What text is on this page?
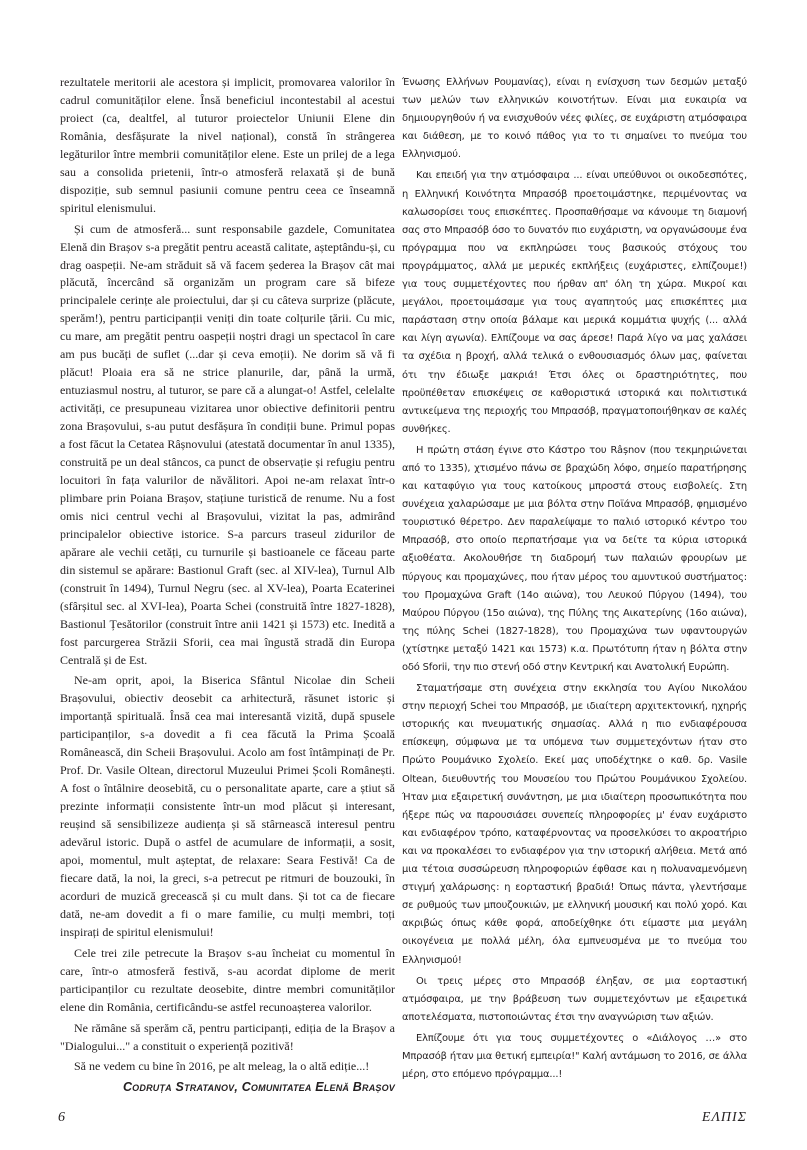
rezultatele meritorii ale acestora și implicit, promovarea valorilor în cadrul comunităților elene. Însă beneficiul incontestabil al acestui proiect (ca, dealtfel, al tuturor proiectelor Uniunii Elene din România, desfășurate la nivel național), constă în strângerea legăturilor între membrii comunităților elene. Este un prilej de a lega sau a consolida prietenii, într-o atmosferă relaxată și de bună dispoziție, sub semnul pasiunii comune pentru ceea ce înseamnă spiritul elenismului.

Și cum de atmosferă... sunt responsabile gazdele, Comunitatea Elenă din Brașov s-a pregătit pentru această calitate, așteptându-și, cu drag oaspeții. Ne-am străduit să vă facem șederea la Brașov cât mai plăcută, încercând să organizăm un program care să bifeze principalele cerințe ale proiectului, dar și cu câteva surprize (plăcute, sperăm!), pentru participanții veniți din toate colțurile țării. Cu mic, cu mare, am pregătit pentru oaspeții noștri dragi un spectacol în care am pus bucăți de suflet (...dar și ceva emoții). Ne dorim să vă fi plăcut! Ploaia era să ne strice planurile, dar, până la urmă, entuziasmul nostru, al tuturor, se pare că a alungat-o! Astfel, celelalte activități, ce presupuneau vizitarea unor obiective definitorii pentru zona Brașovului, s-au putut desfășura în condiții bune. Primul popas a fost făcut la Cetatea Râșnovului (atestată documentar în anul 1335), construită pe un deal stâncos, ca punct de observație și refugiu pentru locuitori în fața valurilor de năvălitori. Apoi ne-am relaxat într-o plimbare prin Poiana Brașov, stațiune turistică de renume. Nu a fost omis nici centrul vechi al Brașovului, vizitat la pas, admirând principalelor obiective istorice. S-a parcurs traseul zidurilor de apărare ale vechii cetăți, cu turnurile și bastioanele ce făceau parte din sistemul se apărare: Bastionul Graft (sec. al XIV-lea), Turnul Alb (construit în 1494), Turnul Negru (sec. al XV-lea), Poarta Ecaterinei (sfârșitul sec. al XVI-lea), Poarta Schei (construită între 1827-1828), Bastionul Țesătorilor (construit între anii 1421 și 1573) etc. Inedită a fost parcurgerea Străzii Sforii, cea mai îngustă stradă din Europa Centrală și de Est.

Ne-am oprit, apoi, la Biserica Sfântul Nicolae din Scheii Brașovului, obiectiv deosebit ca arhitectură, răsunet istoric și importanță spirituală. Însă cea mai interesantă vizită, după spusele participanților, s-a dovedit a fi cea făcută la Prima Școală Românească, din Scheii Brașovului. Acolo am fost întâmpinați de Pr. Prof. Dr. Vasile Oltean, directorul Muzeului Primei Școli Românești. A fost o întâlnire deosebită, cu o personalitate aparte, care a știut să prezinte informații consistente într-un mod plăcut și interesant, reușind să sensibilizeze audiența și să stârnească interesul pentru adevărul istoric. După o astfel de acumulare de informații, a sosit, apoi, momentul, mult așteptat, de relaxare: Seara Festivă! Ca de fiecare dată, la noi, la greci, s-a petrecut pe ritmuri de bouzouki, în acorduri de muzică grecească și cu mult dans. Și tot ca de fiecare dată, ne-am dovedit a fi o mare familie, cu mulți membri, toți inspirați de spiritul elenismului!

Cele trei zile petrecute la Brașov s-au încheiat cu momentul în care, într-o atmosferă festivă, s-au acordat diplome de merit participanților cu rezultate deosebite, dintre membri comunităților elene din România, certificându-se astfel recunoașterea valorilor.

Ne rămâne să sperăm că, pentru participanți, ediția de la Brașov a "Dialogului..." a constituit o experiență pozitivă!

Să ne vedem cu bine în 2016, pe alt meleag, la o altă ediție...!

Codruța Stratanov, Comunitatea Elenă Brașov

Ένωσης Ελλήνων Ρουμανίας), είναι η ενίσχυση των δεσμών μεταξύ των μελών των ελληνικών κοινοτήτων. Είναι μια ευκαιρία να δημιουργηθούν ή να ενισχυθούν νέες φιλίες, σε ευχάριστη ατμόσφαιρα και διάθεση, με το κοινό πάθος για το τι σημαίνει το πνεύμα του Ελληνισμού.

Και επειδή για την ατμόσφαιρα ... είναι υπεύθυνοι οι οικοδεσπότες, η Ελληνική Κοινότητα Μπρασόβ προετοιμάστηκε, περιμένοντας να καλωσορίσει τους επισκέπτες. Προσπαθήσαμε να κάνουμε τη διαμονή σας στο Μπρασόβ όσο το δυνατόν πιο ευχάριστη, να οργανώσουμε ένα πρόγραμμα που να εκπληρώσει τους βασικούς στόχους του προγράμματος, αλλά με μερικές εκπλήξεις (ευχάριστες, ελπίζουμε!) για τους συμμετέχοντες που ήρθαν απ' όλη τη χώρα. Μικροί και μεγάλοι, προετοιμάσαμε για τους αγαπητούς μας επισκέπτες μια παράσταση στην οποία βάλαμε και μερικά κομμάτια ψυχής (... αλλά και λίγη αγωνία). Ελπίζουμε να σας άρεσε! Παρά λίγο να μας χαλάσει τα σχέδια η βροχή, αλλά τελικά ο ενθουσιασμός όλων μας, φαίνεται ότι την έδιωξε μακριά! Έτσι όλες οι δραστηριότητες, που προϋπέθεταν επισκέψεις σε καθοριστικά ιστορικά και πολιτιστικά αντικείμενα της περιοχής του Μπρασόβ, πραγματοποιήθηκαν σε καλές συνθήκες.

Η πρώτη στάση έγινε στο Κάστρο του Râșnov (που τεκμηριώνεται από το 1335), χτισμένο πάνω σε βραχώδη λόφο, σημείο παρατήρησης και καταφύγιο για τους κατοίκους μπροστά στους εισβολείς. Στη συνέχεια χαλαρώσαμε με μια βόλτα στην Ποϊάνα Μπρασόβ, φημισμένο τουριστικό θέρετρο. Δεν παραλείψαμε το παλιό ιστορικό κέντρο του Μπρασόβ, στο οποίο περπατήσαμε για να δείτε τα κύρια ιστορικά αξιοθέατα. Ακολουθήσε τη διαδρομή των παλαιών φρουρίων με πύργους και προμαχώνες, που ήταν μέρος του αμυντικού συστήματος: του Προμαχώνα Graft (14ο αιώνα), του Λευκού Πύργου (1494), του Μαύρου Πύργου (15ο αιώνα), της Πύλης της Αικατερίνης (16ο αιώνα), της πύλης Schei (1827-1828), του Προμαχώνα των υφαντουργών (χτίστηκε μεταξύ 1421 και 1573) κ.α. Πρωτότυπη ήταν η βόλτα στην οδό Sforii, την πιο στενή οδό στην Κεντρική και Ανατολική Ευρώπη.

Σταματήσαμε στη συνέχεια στην εκκλησία του Αγίου Νικολάου στην περιοχή Schei του Μπρασόβ, με ιδιαίτερη αρχιτεκτονική, ηχηρής ιστορικής και πνευματικής σημασίας. Αλλά η πιο ενδιαφέρουσα επίσκεψη, σύμφωνα με τα υπόμενα των συμμετεχόντων ήταν στο Πρώτο Ρουμάνικο Σχολείο. Εκεί μας υποδέχτηκε ο καθ. δρ. Vasile Oltean, διευθυντής του Μουσείου του Πρώτου Ρουμάνικου Σχολείου. Ήταν μια εξαιρετική συνάντηση, με μια ιδιαίτερη προσωπικότητα που ήξερε πώς να παρουσιάσει συνεπείς πληροφορίες μ' έναν ευχάριστο και ενδιαφέρον τρόπο, καταφέρνοντας να προσελκύσει το ακροατήριο και να προκαλέσει το ενδιαφέρον για την ιστορική αλήθεια. Μετά από μια τέτοια συσσώρευση πληροφοριών έφθασε και η πολυαναμενόμενη στιγμή χαλάρωσης: η εορταστική βραδιά! Όπως πάντα, γλεντήσαμε σε ρυθμούς των μπουζουκιών, με ελληνική μουσική και πολύ χορό. Και ακριβώς όπως κάθε φορά, αποδείχθηκε ότι είμαστε μια μεγάλη οικογένεια με πολλά μέλη, όλα εμπνευσμένα με το πνεύμα του Ελληνισμού!

Οι τρεις μέρες στο Μπρασόβ έληξαν, σε μια εορταστική ατμόσφαιρα, με την βράβευση των συμμετεχόντων με εξαιρετικά αποτελέσματα, πιστοποιώντας έτσι την αναγνώριση των αξιών.

Ελπίζουμε ότι για τους συμμετέχοντες ο «Διάλογος …» στο Μπρασόβ ήταν μια θετική εμπειρία!" Καλή αντάμωση το 2016, σε άλλα μέρη, στο επόμενο πρόγραμμα...!

6	ΕΛΠΙΣ
